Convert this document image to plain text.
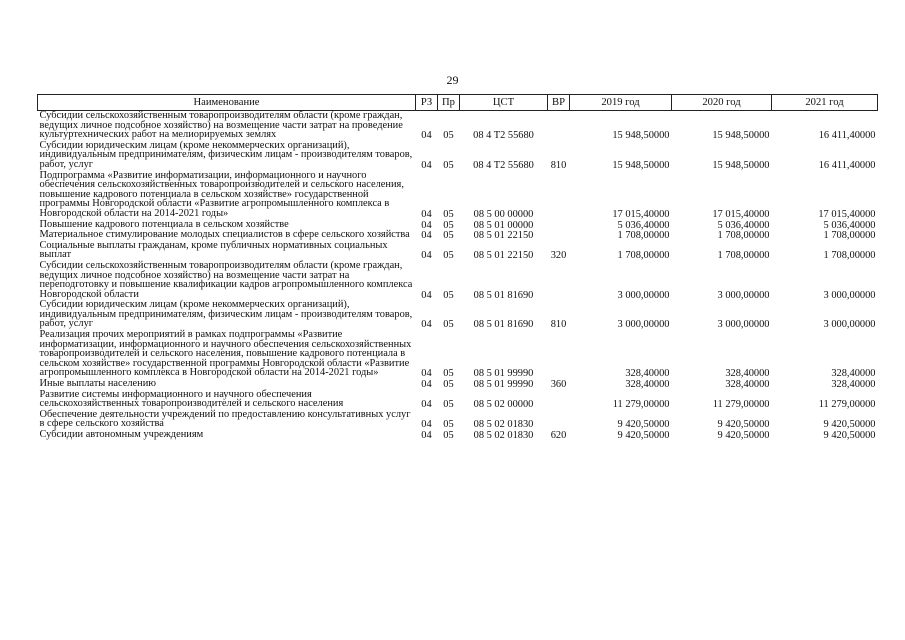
29
Наименование	РЗ	Пр	ЦСТ	ВР	2019 год	2020 год	2021 год
Субсидии сельскохозяйственным товаропроизводителям области (кроме граждан, ведущих личное подсобное хозяйство) на возмещение части затрат на проведение культуртехнических работ на мелиорируемых землях	04	05	08 4 T2 55680		15 948,50000	15 948,50000	16 411,40000
Субсидии юридическим лицам (кроме некоммерческих организаций), индивидуальным предпринимателям, физическим лицам - производителям товаров, работ, услуг	04	05	08 4 T2 55680	810	15 948,50000	15 948,50000	16 411,40000
Подпрограмма «Развитие информатизации, информационного и научного обеспечения сельскохозяйственных товаропроизводителей и сельского населения, повышение кадрового потенциала в сельском хозяйстве» государственной программы Новгородской области «Развитие агропромышленного комплекса в Новгородской области на 2014-2021 годы»	04	05	08 5 00 00000		17 015,40000	17 015,40000	17 015,40000
Повышение кадрового потенциала в сельском хозяйстве	04	05	08 5 01 00000		5 036,40000	5 036,40000	5 036,40000
Материальное стимулирование молодых специалистов в сфере сельского хозяйства	04	05	08 5 01 22150		1 708,00000	1 708,00000	1 708,00000
Социальные выплаты гражданам, кроме публичных нормативных социальных выплат	04	05	08 5 01 22150	320	1 708,00000	1 708,00000	1 708,00000
Субсидии сельскохозяйственным товаропроизводителям области (кроме граждан, ведущих личное подсобное хозяйство) на возмещение части затрат на переподготовку и повышение квалификации кадров агропромышленного комплекса Новгородской области	04	05	08 5 01 81690		3 000,00000	3 000,00000	3 000,00000
Субсидии юридическим лицам (кроме некоммерческих организаций), индивидуальным предпринимателям, физическим лицам - производителям товаров, работ, услуг	04	05	08 5 01 81690	810	3 000,00000	3 000,00000	3 000,00000
Реализация прочих мероприятий в рамках подпрограммы «Развитие информатизации, информационного и научного обеспечения сельскохозяйственных товаропроизводителей и сельского населения, повышение кадрового потенциала в сельском хозяйстве» государственной программы Новгородской области «Развитие агропромышленного комплекса в Новгородской области на 2014-2021 годы»	04	05	08 5 01 99990		328,40000	328,40000	328,40000
Иные выплаты населению	04	05	08 5 01 99990	360	328,40000	328,40000	328,40000
Развитие системы информационного и научного обеспечения сельскохозяйственных товаропроизводителей и сельского населения	04	05	08 5 02 00000		11 279,00000	11 279,00000	11 279,00000
Обеспечение деятельности учреждений по предоставлению консультативных услуг в сфере сельского хозяйства	04	05	08 5 02 01830		9 420,50000	9 420,50000	9 420,50000
Субсидии автономным учреждениям	04	05	08 5 02 01830	620	9 420,50000	9 420,50000	9 420,50000
